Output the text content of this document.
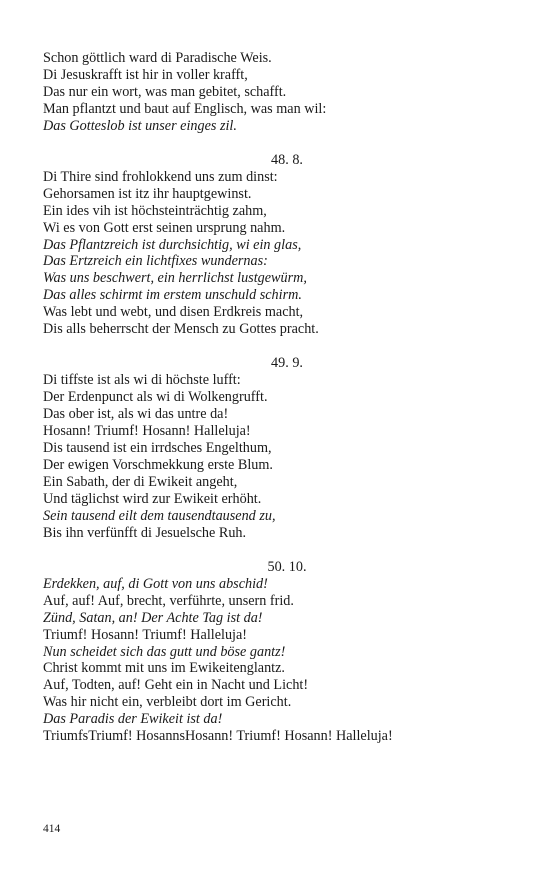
Schon göttlich ward di Paradische Weis.
Di Jesuskrafft ist hir in voller krafft,
Das nur ein wort, was man gebitet, schafft.
Man pflantzt und baut auf Englisch, was man wil:
Das Gotteslob ist unser einges zil.
48. 8.
Di Thire sind frohlokkend uns zum dinst:
Gehorsamen ist itz ihr hauptgewinst.
Ein ides vih ist höchsteinträchtig zahm,
Wi es von Gott erst seinen ursprung nahm.
Das Pflantzreich ist durchsichtig, wi ein glas,
Das Ertzreich ein lichtfixes wundernas:
Was uns beschwert, ein herrlichst lustgewürm,
Das alles schirmt im erstem unschuld schirm.
Was lebt und webt, und disen Erdkreis macht,
Dis alls beherrscht der Mensch zu Gottes pracht.
49. 9.
Di tiffste ist als wi di höchste lufft:
Der Erdenpunct als wi di Wolkengrufft.
Das ober ist, als wi das untre da!
Hosann! Triumf! Hosann! Halleluja!
Dis tausend ist ein irrdsches Engelthum,
Der ewigen Vorschmekkung erste Blum.
Ein Sabath, der di Ewikeit angeht,
Und täglichst wird zur Ewikeit erhöht.
Sein tausend eilt dem tausendtausend zu,
Bis ihn verfünfft di Jesuelsche Ruh.
50. 10.
Erdekken, auf, di Gott von uns abschid!
Auf, auf! Auf, brecht, verführte, unsern frid.
Zünd, Satan, an! Der Achte Tag ist da!
Triumf! Hosann! Triumf! Halleluja!
Nun scheidet sich das gutt und böse gantz!
Christ kommt mit uns im Ewikeitenglantz.
Auf, Todten, auf! Geht ein in Nacht und Licht!
Was hir nicht ein, verbleibt dort im Gericht.
Das Paradis der Ewikeit ist da!
TriumfsTriumf! HosannsHosann! Triumf! Hosann! Halleluja!
414
